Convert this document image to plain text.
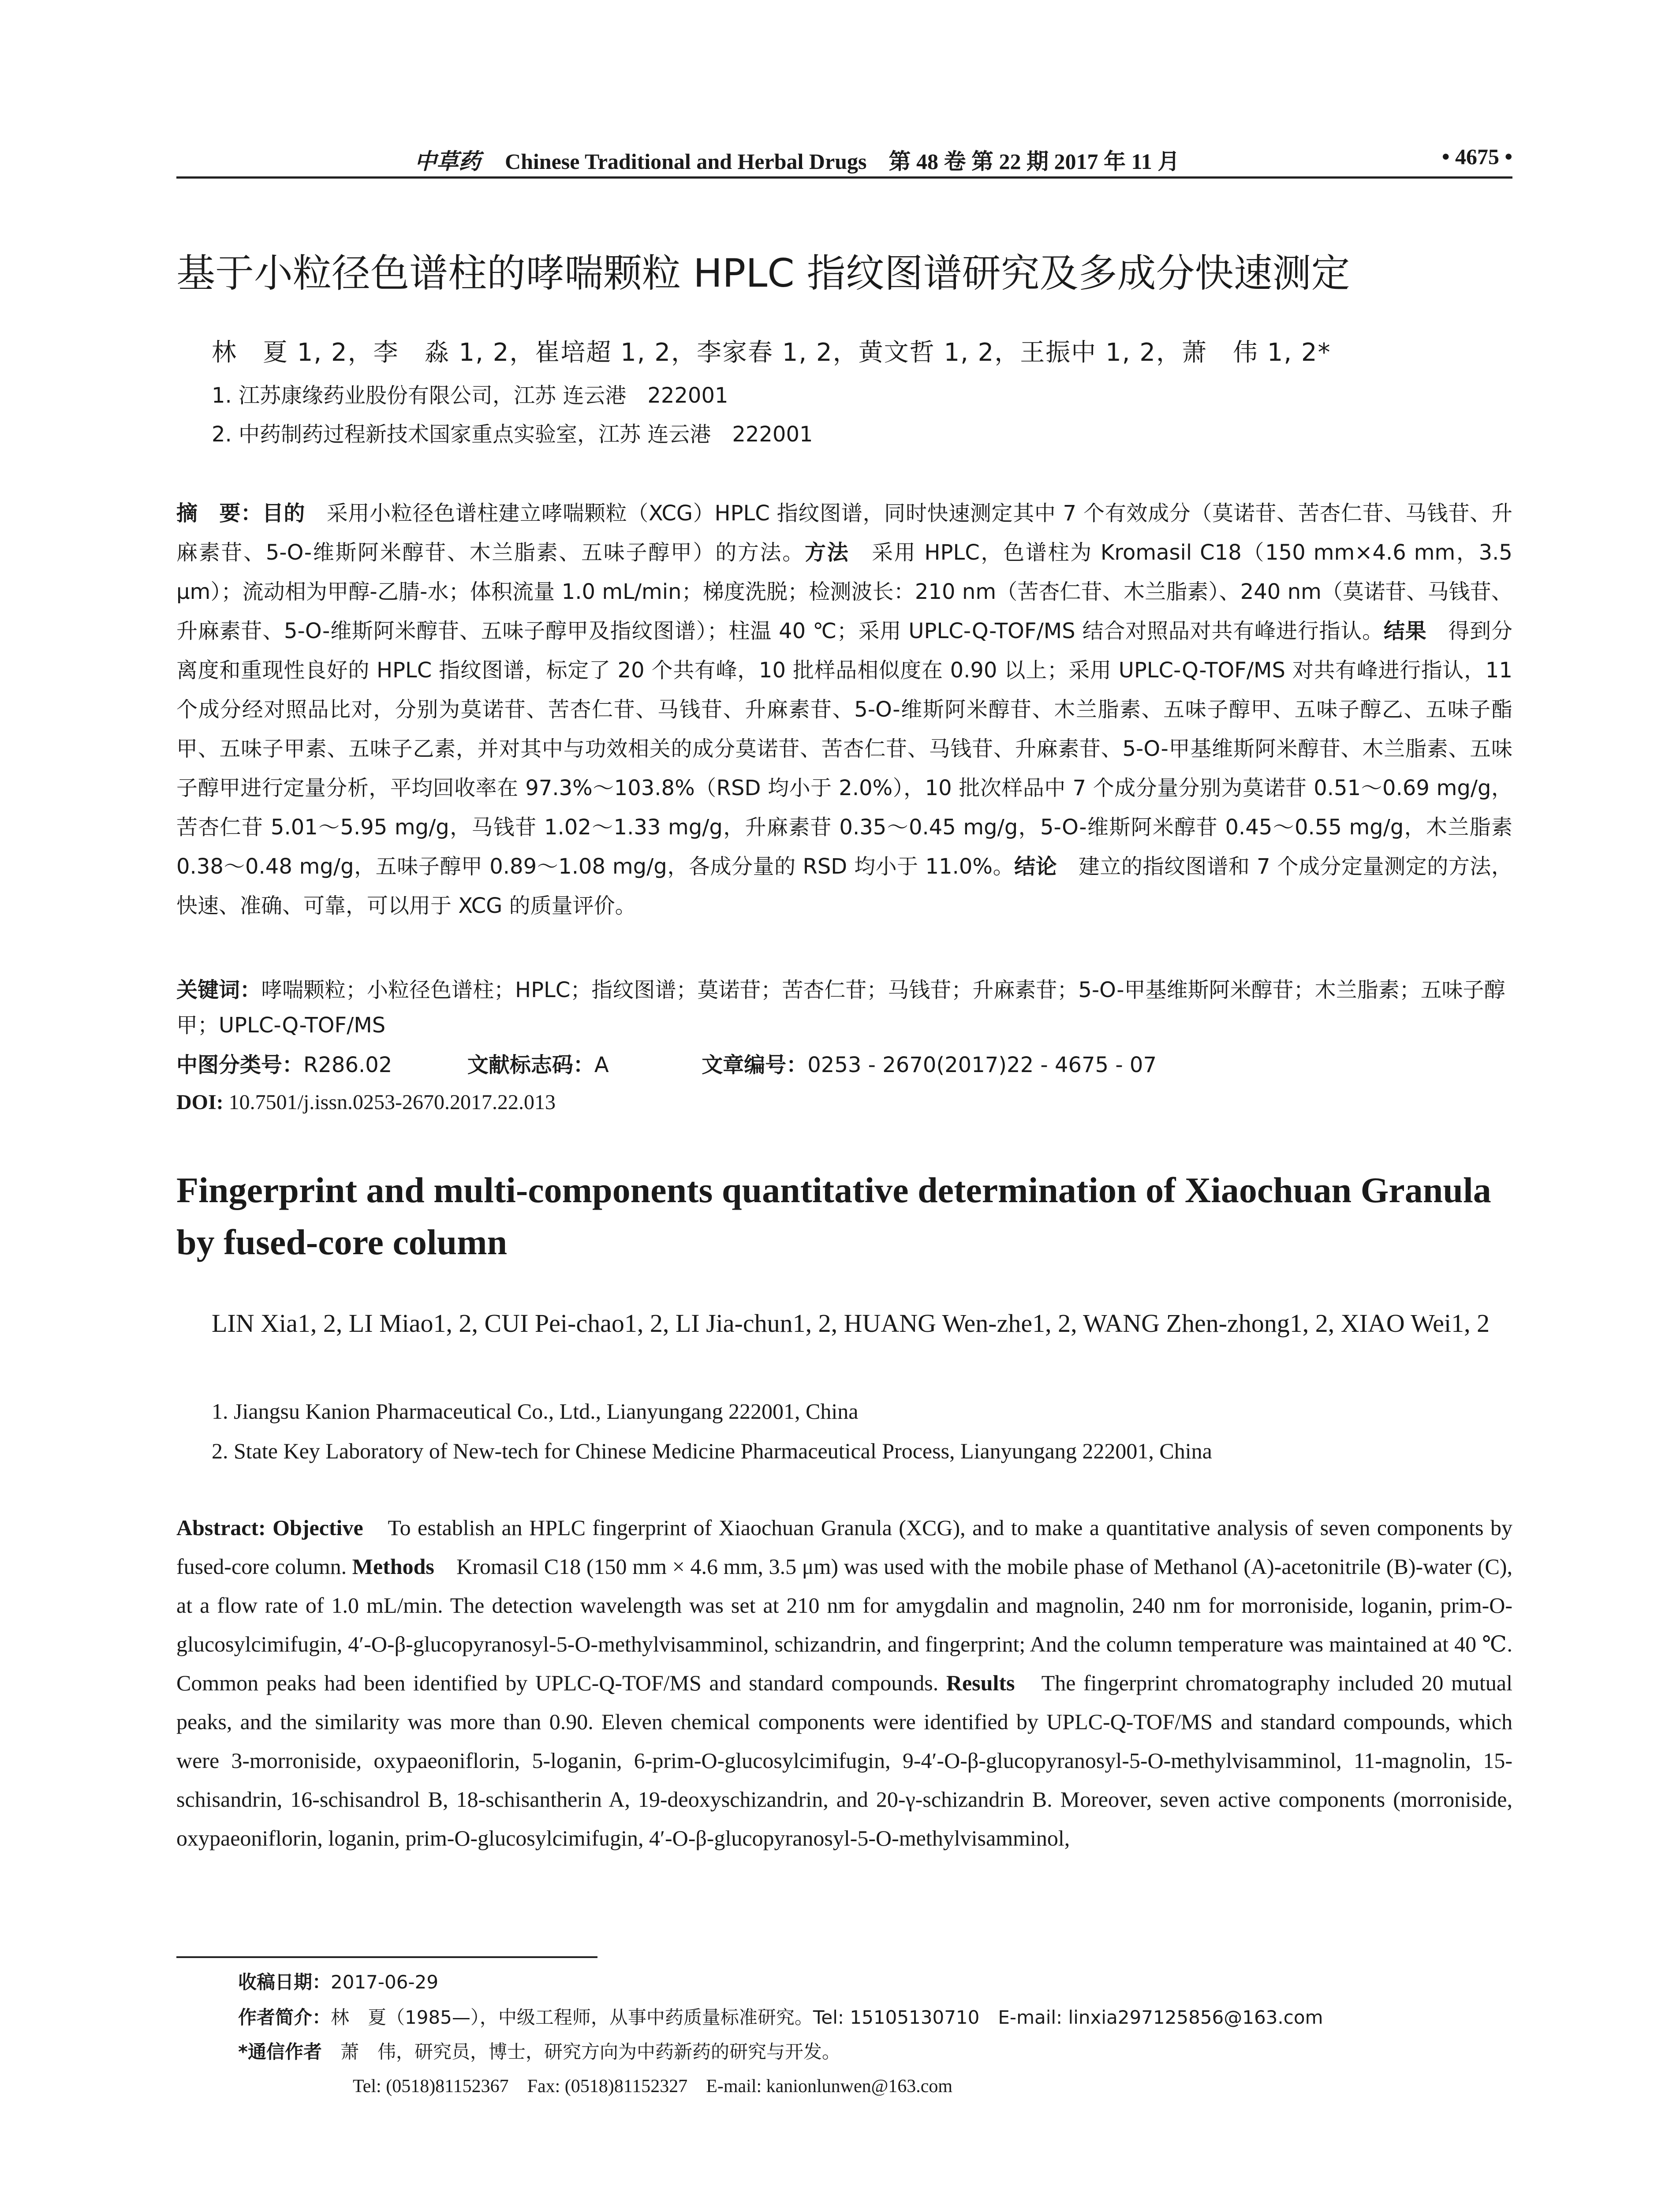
中草药 Chinese Traditional and Herbal Drugs　第 48 卷 第 22 期 2017 年 11 月	• 4675 •
基于小粒径色谱柱的哮喘颗粒 HPLC 指纹图谱研究及多成分快速测定
林　夏 1, 2，李　淼 1, 2，崔培超 1, 2，李家春 1, 2，黄文哲 1, 2，王振中 1, 2，萧　伟 1, 2*
1. 江苏康缘药业股份有限公司，江苏 连云港　222001
2. 中药制药过程新技术国家重点实验室，江苏 连云港　222001
摘　要：目的　采用小粒径色谱柱建立哮喘颗粒（XCG）HPLC 指纹图谱，同时快速测定其中 7 个有效成分（莫诺苷、苦杏仁苷、马钱苷、升麻素苷、5-O-维斯阿米醇苷、木兰脂素、五味子醇甲）的方法。方法　采用 HPLC，色谱柱为 Kromasil C18（150 mm×4.6 mm，3.5 μm）；流动相为甲醇-乙腈-水；体积流量 1.0 mL/min；梯度洗脱；检测波长：210 nm（苦杏仁苷、木兰脂素）、240 nm（莫诺苷、马钱苷、升麻素苷、5-O-维斯阿米醇苷、五味子醇甲及指纹图谱）；柱温 40 ℃；采用 UPLC-Q-TOF/MS 结合对照品对共有峰进行指认。结果　得到分离度和重现性良好的 HPLC 指纹图谱，标定了 20 个共有峰，10 批样品相似度在 0.90 以上；采用 UPLC-Q-TOF/MS 对共有峰进行指认，11 个成分经对照品比对，分别为莫诺苷、苦杏仁苷、马钱苷、升麻素苷、5-O-维斯阿米醇苷、木兰脂素、五味子醇甲、五味子醇乙、五味子酯甲、五味子甲素、五味子乙素，并对其中与功效相关的成分莫诺苷、苦杏仁苷、马钱苷、升麻素苷、5-O-甲基维斯阿米醇苷、木兰脂素、五味子醇甲进行定量分析，平均回收率在 97.3%～103.8%（RSD 均小于 2.0%），10 批次样品中 7 个成分量分别为莫诺苷 0.51～0.69 mg/g，苦杏仁苷 5.01～5.95 mg/g，马钱苷 1.02～1.33 mg/g，升麻素苷 0.35～0.45 mg/g，5-O-维斯阿米醇苷 0.45～0.55 mg/g，木兰脂素 0.38～0.48 mg/g，五味子醇甲 0.89～1.08 mg/g，各成分量的 RSD 均小于 11.0%。结论　建立的指纹图谱和 7 个成分定量测定的方法，快速、准确、可靠，可以用于 XCG 的质量评价。
关键词：哮喘颗粒；小粒径色谱柱；HPLC；指纹图谱；莫诺苷；苦杏仁苷；马钱苷；升麻素苷；5-O-甲基维斯阿米醇苷；木兰脂素；五味子醇甲；UPLC-Q-TOF/MS
中图分类号：R286.02	文献标志码：A	文章编号：0253 - 2670(2017)22 - 4675 - 07
DOI: 10.7501/j.issn.0253-2670.2017.22.013
Fingerprint and multi-components quantitative determination of Xiaochuan Granula by fused-core column
LIN Xia1, 2, LI Miao1, 2, CUI Pei-chao1, 2, LI Jia-chun1, 2, HUANG Wen-zhe1, 2, WANG Zhen-zhong1, 2, XIAO Wei1, 2
1. Jiangsu Kanion Pharmaceutical Co., Ltd., Lianyungang 222001, China
2. State Key Laboratory of New-tech for Chinese Medicine Pharmaceutical Process, Lianyungang 222001, China
Abstract: Objective　To establish an HPLC fingerprint of Xiaochuan Granula (XCG), and to make a quantitative analysis of seven components by fused-core column. Methods　Kromasil C18 (150 mm × 4.6 mm, 3.5 μm) was used with the mobile phase of Methanol (A)-acetonitrile (B)-water (C), at a flow rate of 1.0 mL/min. The detection wavelength was set at 210 nm for amygdalin and magnolin, 240 nm for morroniside, loganin, prim-O-glucosylcimifugin, 4′-O-β-glucopyranosyl-5-O-methylvisamminol, schizandrin, and fingerprint; And the column temperature was maintained at 40 ℃. Common peaks had been identified by UPLC-Q-TOF/MS and standard compounds. Results　The fingerprint chromatography included 20 mutual peaks, and the similarity was more than 0.90. Eleven chemical components were identified by UPLC-Q-TOF/MS and standard compounds, which were 3-morroniside, oxypaeoniflorin, 5-loganin, 6-prim-O-glucosylcimifugin, 9-4′-O-β-glucopyranosyl-5-O-methylvisamminol, 11-magnolin, 15-schisandrin, 16-schisandrol B, 18-schisantherin A, 19-deoxyschizandrin, and 20-γ-schizandrin B. Moreover, seven active components (morroniside, oxypaeoniflorin, loganin, prim-O-glucosylcimifugin, 4′-O-β-glucopyranosyl-5-O-methylvisamminol,
收稿日期：2017-06-29
作者简介：林　夏（1985—），中级工程师，从事中药质量标准研究。Tel: 15105130710　E-mail: linxia297125856@163.com
*通信作者　萧　伟，研究员，博士，研究方向为中药新药的研究与开发。
Tel: (0518)81152367　Fax: (0518)81152327　E-mail: kanionlunwen@163.com
